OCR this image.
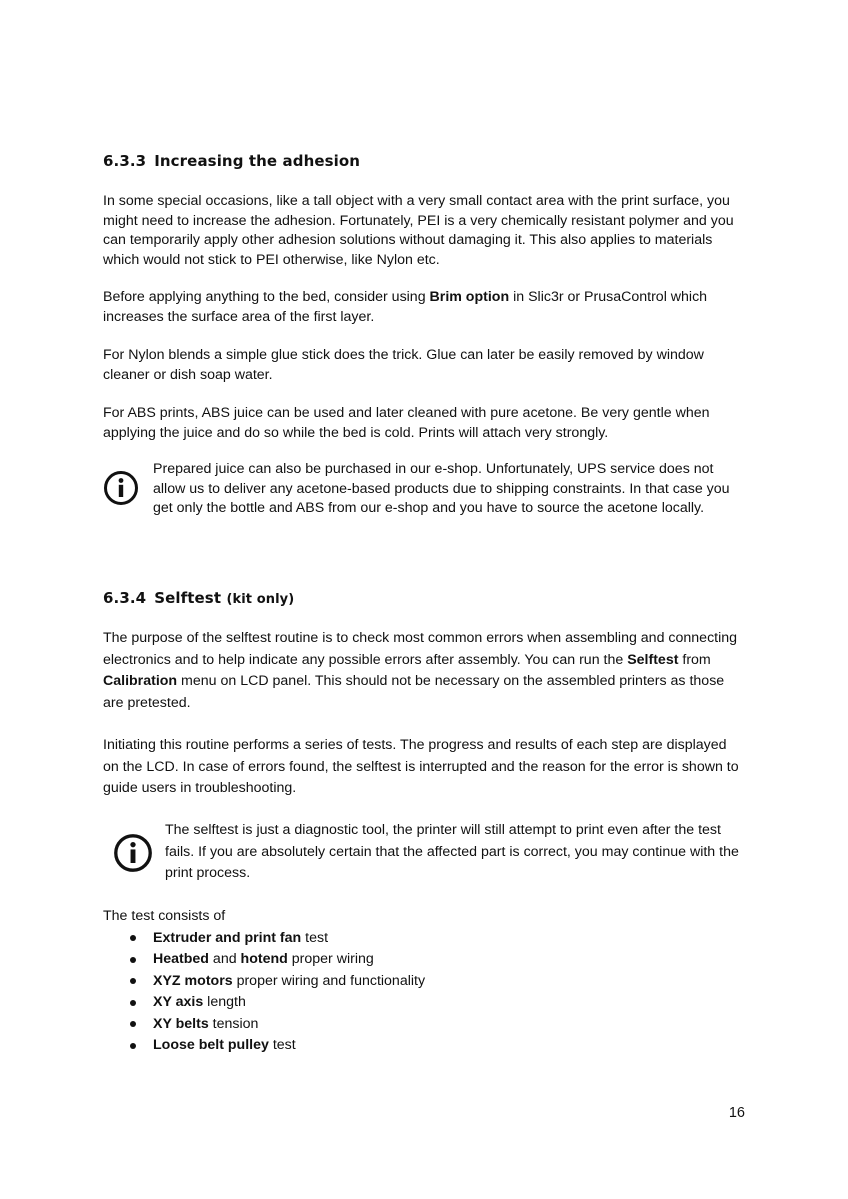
6.3.3 Increasing the adhesion

In some special occasions, like a tall object with a very small contact area with the print surface, you might need to increase the adhesion. Fortunately, PEI is a very chemically resistant polymer and you can temporarily apply other adhesion solutions without damaging it. This also applies to materials which would not stick to PEI otherwise, like Nylon etc.

Before applying anything to the bed, consider using Brim option in Slic3r or PrusaControl which increases the surface area of the first layer.

For Nylon blends a simple glue stick does the trick. Glue can later be easily removed by window cleaner or dish soap water.

For ABS prints, ABS juice can be used and later cleaned with pure acetone. Be very gentle when applying the juice and do so while the bed is cold. Prints will attach very strongly.

Prepared juice can also be purchased in our e-shop. Unfortunately, UPS service does not allow us to deliver any acetone-based products due to shipping constraints. In that case you get only the bottle and ABS from our e-shop and you have to source the acetone locally.

6.3.4 Selftest (kit only)

The purpose of the selftest routine is to check most common errors when assembling and connecting electronics and to help indicate any possible errors after assembly. You can run the Selftest from Calibration menu on LCD panel. This should not be necessary on the assembled printers as those are pretested.

Initiating this routine performs a series of tests. The progress and results of each step are displayed on the LCD. In case of errors found, the selftest is interrupted and the reason for the error is shown to guide users in troubleshooting.

The selftest is just a diagnostic tool, the printer will still attempt to print even after the test fails. If you are absolutely certain that the affected part is correct, you may continue with the print process.

The test consists of

Extruder and print fan test
Heatbed and hotend proper wiring
XYZ motors proper wiring and functionality
XY axis length
XY belts tension
Loose belt pulley test
16
